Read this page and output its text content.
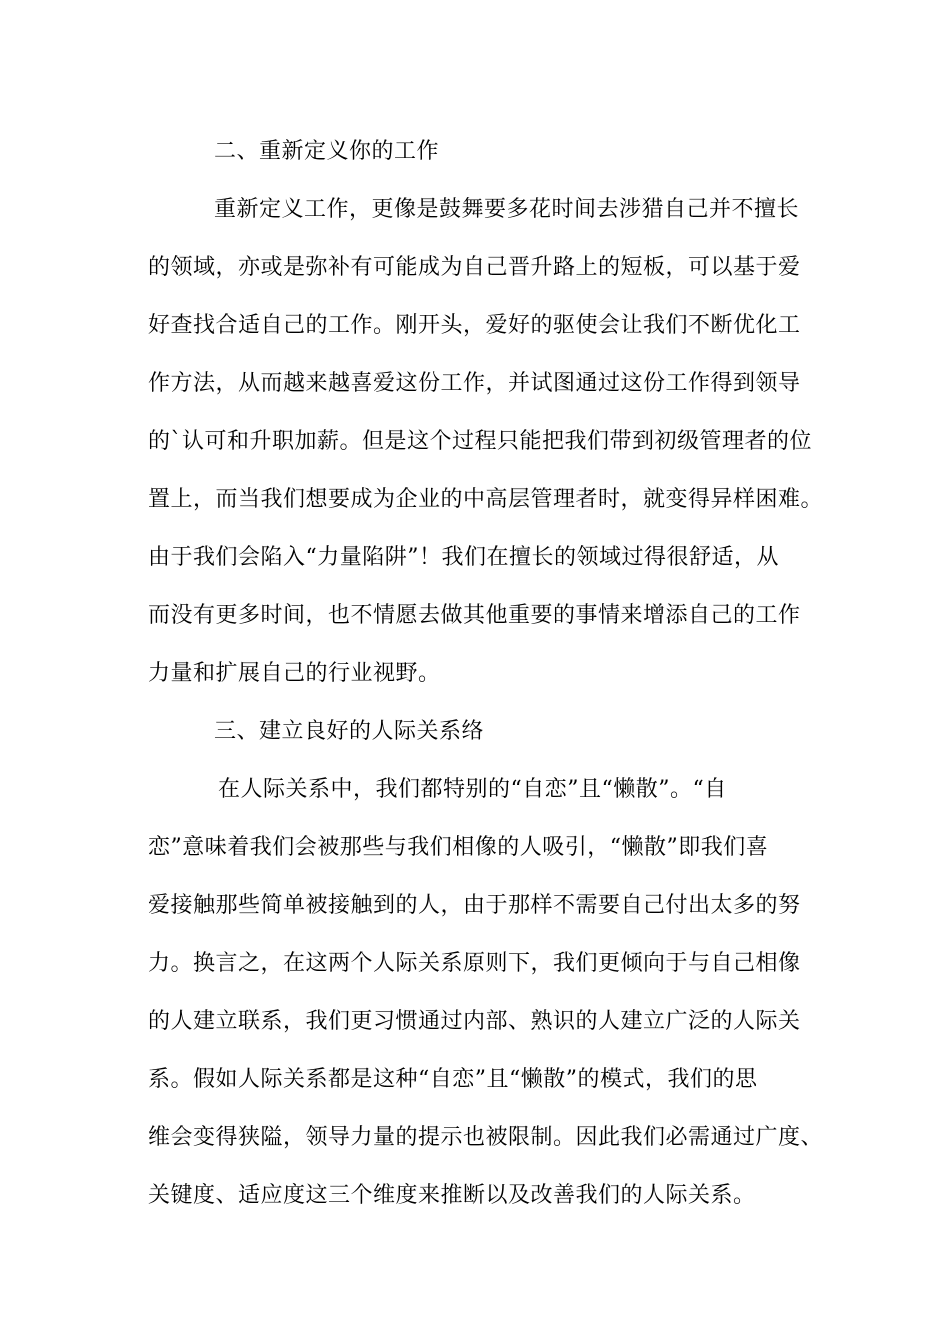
二、重新定义你的工作
重新定义工作，更像是鼓舞要多花时间去涉猎自己并不擅长
的领域，亦或是弥补有可能成为自己晋升路上的短板，可以基于爱
好查找合适自己的工作。刚开头，爱好的驱使会让我们不断优化工
作方法，从而越来越喜爱这份工作，并试图通过这份工作得到领导
的`认可和升职加薪。但是这个过程只能把我们带到初级管理者的位
置上，而当我们想要成为企业的中高层管理者时，就变得异样困难。
由于我们会陷入“力量陷阱”！我们在擅长的领域过得很舒适，从
而没有更多时间，也不情愿去做其他重要的事情来增添自己的工作
力量和扩展自己的行业视野。
三、建立良好的人际关系络
在人际关系中，我们都特别的“自恋”且“懒散”。“自
恋”意味着我们会被那些与我们相像的人吸引，“懒散”即我们喜
爱接触那些简单被接触到的人，由于那样不需要自己付出太多的努
力。换言之，在这两个人际关系原则下，我们更倾向于与自己相像
的人建立联系，我们更习惯通过内部、熟识的人建立广泛的人际关
系。假如人际关系都是这种“自恋”且“懒散”的模式，我们的思
维会变得狭隘，领导力量的提示也被限制。因此我们必需通过广度、
关键度、适应度这三个维度来推断以及改善我们的人际关系。
